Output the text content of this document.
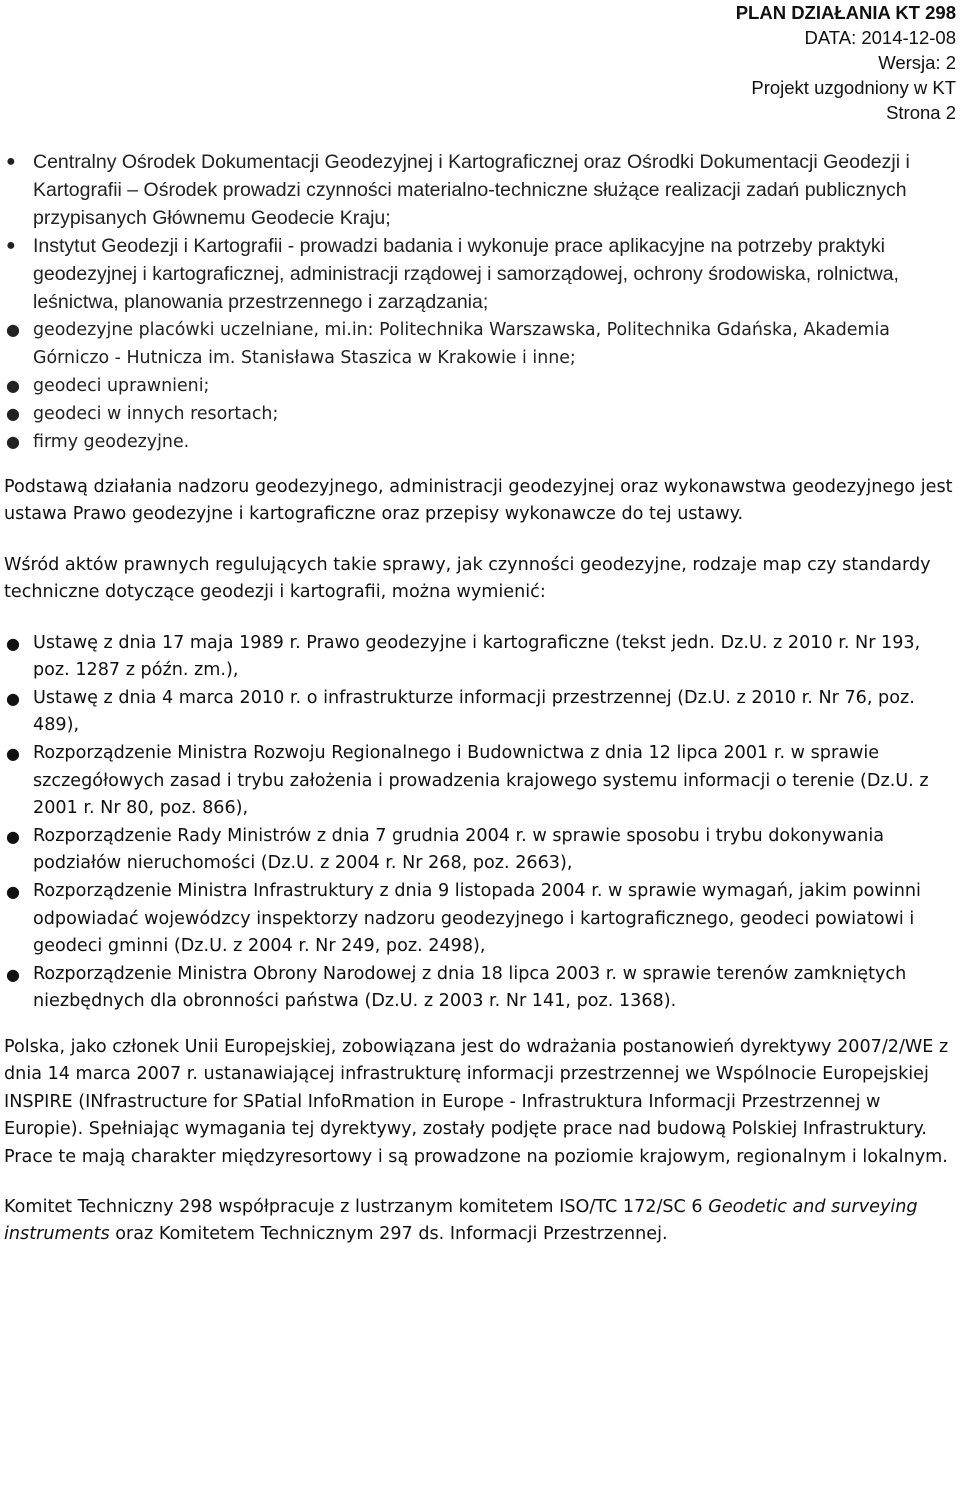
PLAN DZIAŁANIA KT 298
DATA: 2014-12-08
Wersja: 2
Projekt uzgodniony w KT
Strona 2
● Centralny Ośrodek Dokumentacji Geodezyjnej i Kartograficznej oraz Ośrodki Dokumentacji Geodezji i Kartografii – Ośrodek prowadzi czynności materialno-techniczne służące realizacji zadań publicznych przypisanych Głównemu Geodecie Kraju;
● Instytut Geodezji i Kartografii - prowadzi badania i wykonuje prace aplikacyjne na potrzeby praktyki geodezyjnej i kartograficznej, administracji rządowej i samorządowej, ochrony środowiska, rolnictwa, leśnictwa, planowania przestrzennego i zarządzania;
● geodezyjne placówki uczelniane, mi.in: Politechnika Warszawska, Politechnika Gdańska, Akademia Górniczo - Hutnicza im. Stanisława Staszica w Krakowie i inne;
● geodeci uprawnieni;
● geodeci w innych resortach;
● firmy geodezyjne.

Podstawą działania nadzoru geodezyjnego, administracji geodezyjnej oraz wykonawstwa geodezyjnego jest ustawa Prawo geodezyjne i kartograficzne oraz przepisy wykonawcze do tej ustawy.

Wśród aktów prawnych regulujących takie sprawy, jak czynności geodezyjne, rodzaje map czy standardy techniczne dotyczące geodezji i kartografii, można wymienić:

● Ustawę z dnia 17 maja 1989 r. Prawo geodezyjne i kartograficzne (tekst jedn. Dz.U. z 2010 r. Nr 193, poz. 1287 z późn. zm.),
● Ustawę z dnia 4 marca 2010 r. o infrastrukturze informacji przestrzennej (Dz.U. z 2010 r. Nr 76, poz. 489),
● Rozporządzenie Ministra Rozwoju Regionalnego i Budownictwa z dnia 12 lipca 2001 r. w sprawie szczegółowych zasad i trybu założenia i prowadzenia krajowego systemu informacji o terenie (Dz.U. z 2001 r. Nr 80, poz. 866),
● Rozporządzenie Rady Ministrów z dnia 7 grudnia 2004 r. w sprawie sposobu i trybu dokonywania podziałów nieruchomości (Dz.U. z 2004 r. Nr 268, poz. 2663),
● Rozporządzenie Ministra Infrastruktury z dnia 9 listopada 2004 r. w sprawie wymagań, jakim powinni odpowiadać wojewódzcy inspektorzy nadzoru geodezyjnego i kartograficznego, geodeci powiatowi i geodeci gminni (Dz.U. z 2004 r. Nr 249, poz. 2498),
● Rozporządzenie Ministra Obrony Narodowej z dnia 18 lipca 2003 r. w sprawie terenów zamkniętych niezbędnych dla obronności państwa (Dz.U. z 2003 r. Nr 141, poz. 1368).

Polska, jako członek Unii Europejskiej, zobowiązana jest do wdrażania postanowień dyrektywy 2007/2/WE z dnia 14 marca 2007 r. ustanawiającej infrastrukturę informacji przestrzennej we Wspólnocie Europejskiej INSPIRE (INfrastructure for SPatial InfoRmation in Europe - Infrastruktura Informacji Przestrzennej w Europie). Spełniając wymagania tej dyrektywy, zostały podjęte prace nad budową Polskiej Infrastruktury. Prace te mają charakter międzyresortowy i są prowadzone na poziomie krajowym, regionalnym i lokalnym.

Komitet Techniczny 298 współpracuje z lustrzanym komitetem ISO/TC 172/SC 6 Geodetic and surveying instruments oraz Komitetem Technicznym 297 ds. Informacji Przestrzennej.
